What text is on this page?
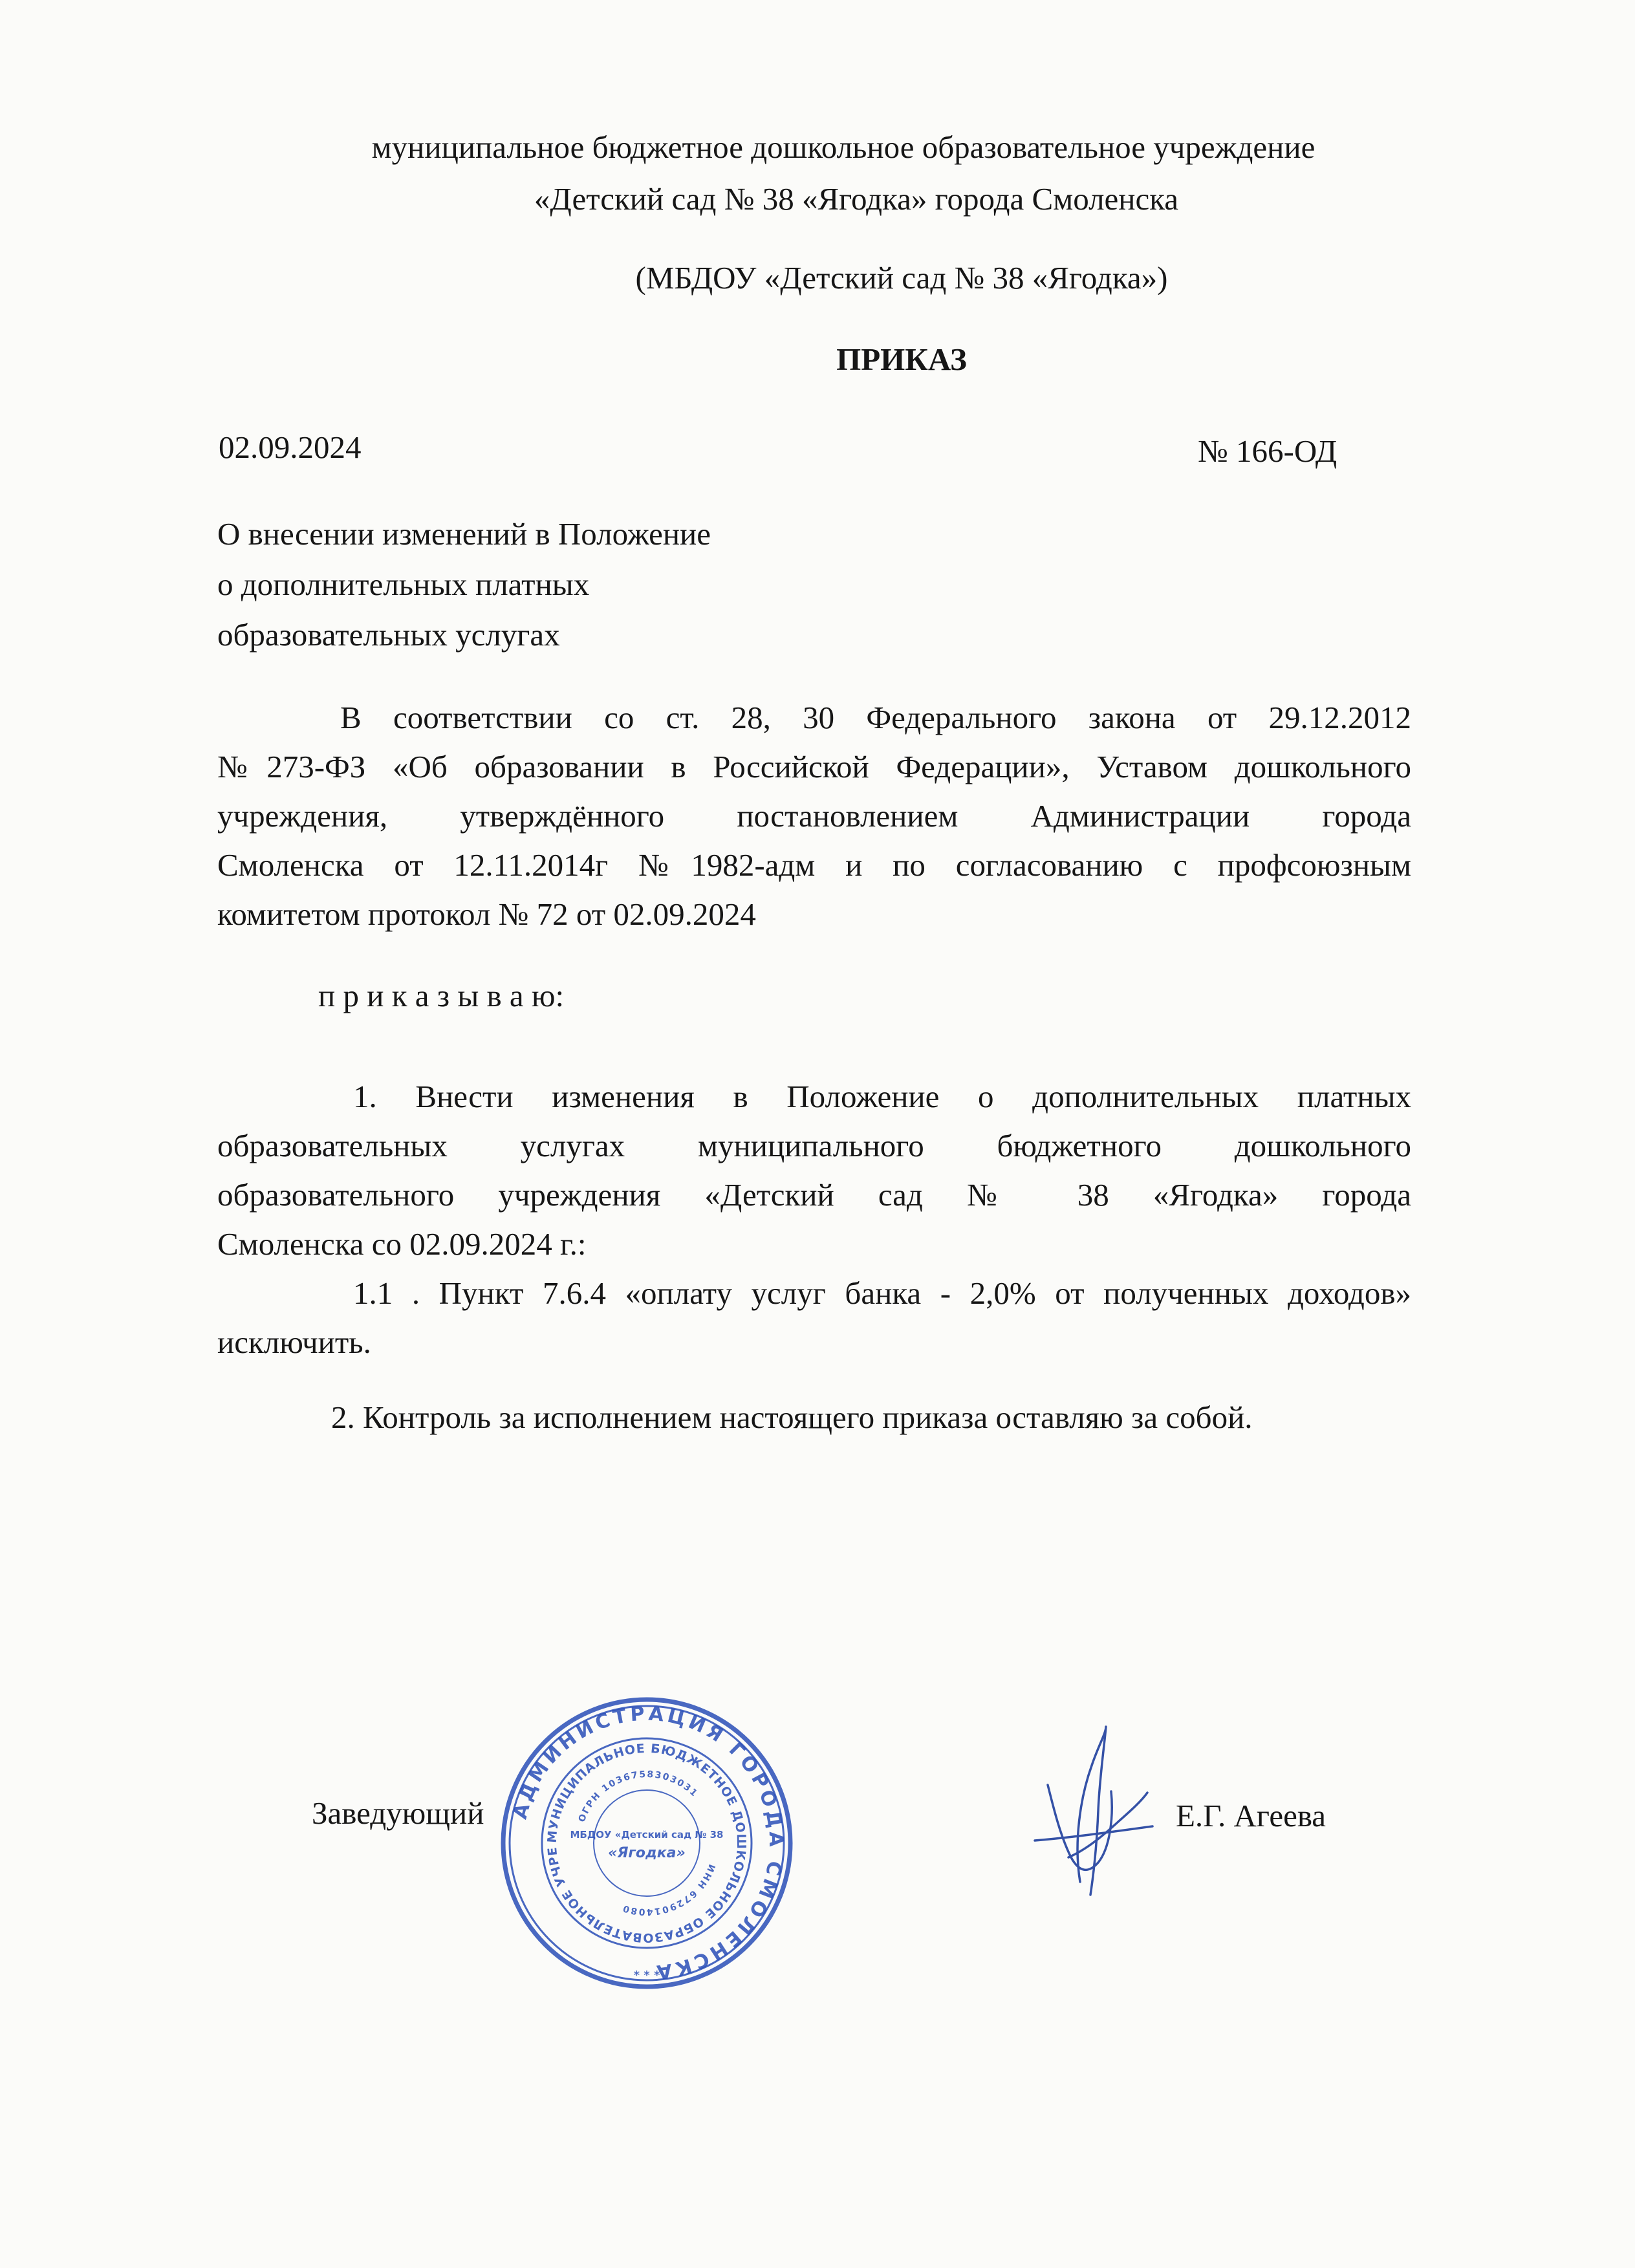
муниципальное бюджетное дошкольное образовательное учреждение
«Детский сад № 38 «Ягодка» города Смоленска
(МБДОУ «Детский сад № 38 «Ягодка»)
ПРИКАЗ
02.09.2024	№ 166-ОД
О внесении изменений в Положение
о дополнительных платных
образовательных услугах
В соответствии со ст. 28, 30 Федерального закона от 29.12.2012
№273-ФЗ «Об образовании в Российской Федерации», Уставом дошкольного
учреждения, утверждённого постановлением Администрации города
Смоленска от 12.11.2014г №1982-адм и по согласованию с профсоюзным
комитетом протокол № 72 от 02.09.2024
п р и к а з ы в а ю:
1. Внести изменения в Положение о дополнительных платных
образовательных услугах муниципального бюджетного дошкольного
образовательного учреждения «Детский сад № 38 «Ягодка» города
Смоленска со 02.09.2024 г.:
1.1 . Пункт 7.6.4 «оплату услуг банка - 2,0% от полученных доходов»
исключить.
2. Контроль за исполнением настоящего приказа оставляю за собой.
Заведующий	Е.Г. Агеева
АДМИНИСТРАЦИЯ ГОРОДА СМОЛЕНСКА
МУНИЦИПАЛЬНОЕ БЮДЖЕТНОЕ ДОШКОЛЬНОЕ ОБРАЗОВАТЕЛЬНОЕ УЧРЕЖДЕНИЕ «ДЕТСКИЙ САД № 38 «ЯГОДКА» ГОРОДА СМОЛЕНСКА
ИНН 6729014080
ОГРН 1036758303031
МБДОУ «Детский сад № 38
«Ягодка»
* * *
